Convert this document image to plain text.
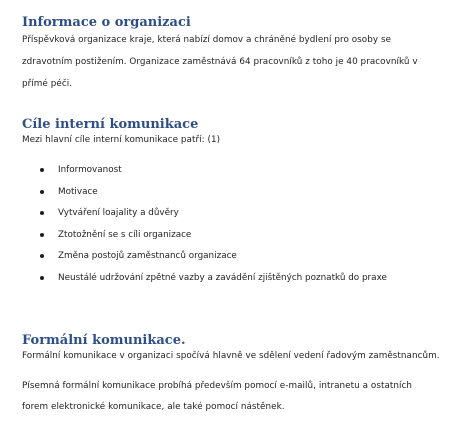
Informace o organizaci

Příspěvková organizace kraje, která nabízí domov a chráněné bydlení pro osoby se

zdravotním postižením. Organizace zaměstnává 64 pracovníků z toho je 40 pracovníků v

přímé péči.

Cíle interní komunikace

Mezi hlavní cíle interní komunikace patří: (1)

Informovanost
Motivace
Vytváření loajality a důvěry
Ztotožnění se s cíli organizace
Změna postojů zaměstnanců organizace
Neustálé udržování zpětné vazby a zavádění zjištěných poznatků do praxe
Formální komunikace.

Formální komunikace v organizaci spočívá hlavně ve sdělení vedení řadovým zaměstnancům.

Písemná formální komunikace probíhá především pomocí e-mailů, intranetu a ostatních

forem elektronické komunikace, ale také pomocí nástěnek.
